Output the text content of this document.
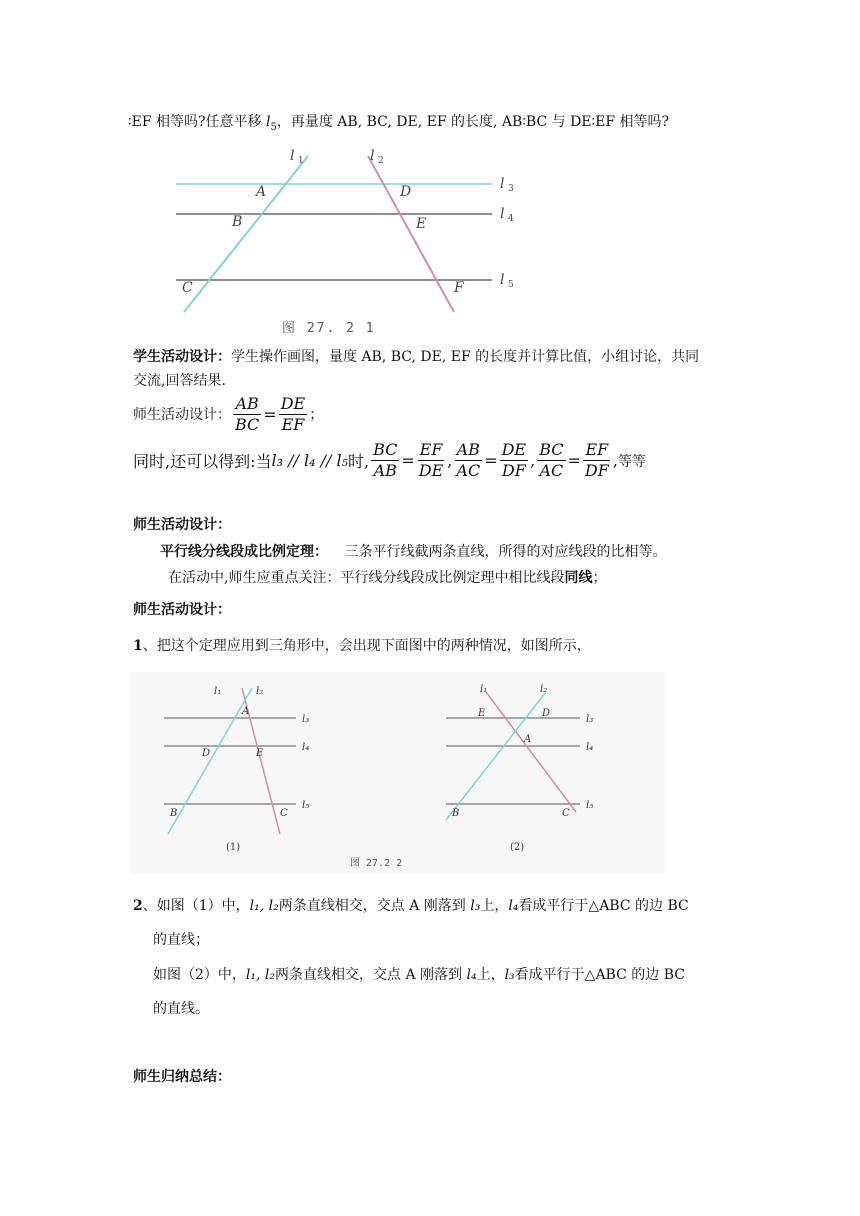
∶EF 相等吗?任意平移 $l_5$，再量度 AB, BC, DE, EF 的长度, AB∶BC 与 DE∶EF 相等吗?
l 1	l 2
l 3
l 4
l 5
A
B
C
D
E
F
图 27. 2 1
学生活动设计：学生操作画图，量度 AB, BC, DE, EF 的长度并计算比值，小组讨论，共同
交流,回答结果.
师生活动设计： $\frac{AB}{BC} = \frac{DE}{EF}$ ；
同时,还可以得到:当 l₃ // l₄ // l₅ 时, $\frac{BC}{AB} = \frac{EF}{DE}$ , $\frac{AB}{AC} = \frac{DE}{DF}$ , $\frac{BC}{AC} = \frac{EF}{DF}$ , 等等
师生活动设计：
平行线分线段成比例定理： 三条平行线截两条直线，所得的对应线段的比相等。
在活动中,师生应重点关注：平行线分线段成比例定理中相比线段同线；
师生活动设计：
1、把这个定理应用到三角形中，会出现下面图中的两种情况，如图所示，
l₁	l₂
l₃
l₄
l₅
A
D	E
B	C
(1)
l₁	l₂
l₃
l₄
l₅
E	D
A
B	C
(2)
图 27.2 2
2、如图（1）中，l₁, l₂两条直线相交，交点 A 刚落到 l₃上，l₄看成平行于△ABC 的边 BC
的直线；
如图（2）中，l₁, l₂两条直线相交，交点 A 刚落到 l₄上，l₃看成平行于△ABC 的边 BC
的直线。
师生归纳总结：
